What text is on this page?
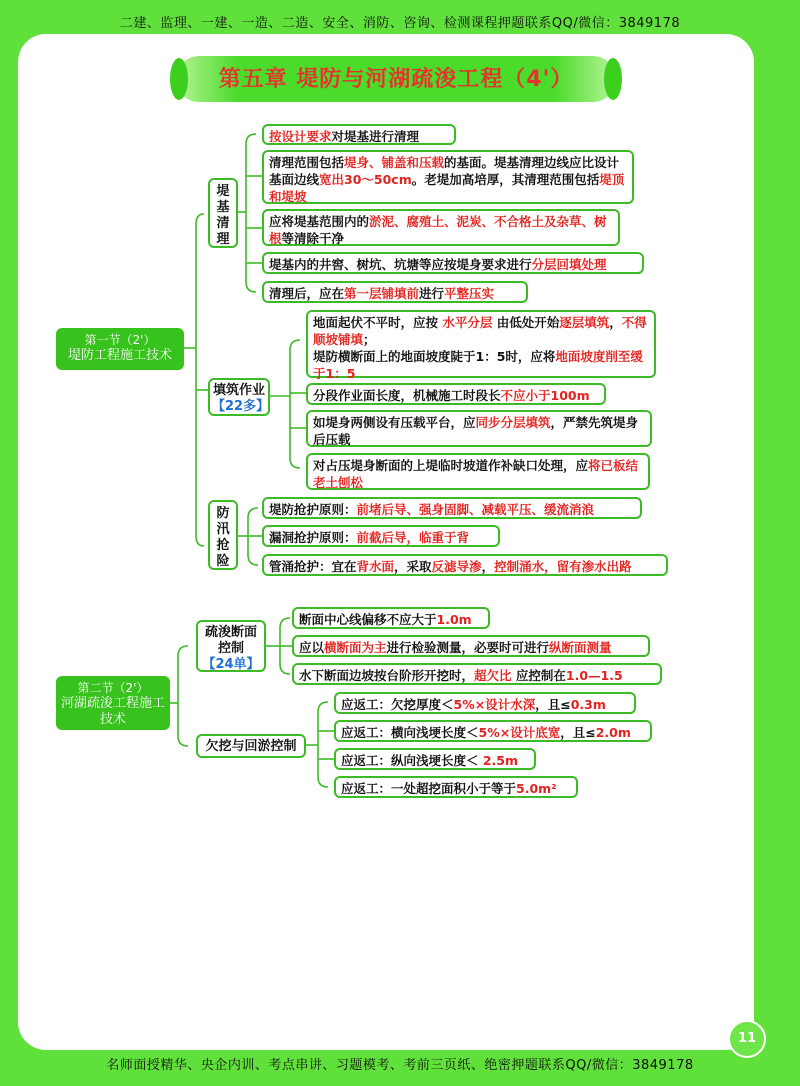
二建、监理、一建、一造、二造、安全、消防、咨询、检测课程押题联系QQ/微信：3849178
第五章 堤防与河湖疏浚工程（4'）
第一节（2'）
堤防工程施工技术
堤
基
清
理
填筑作业
【22多】
防
汛
抢
险
按设计要求对堤基进行清理
清理范围包括堤身、铺盖和压载的基面。堤基清理边线应比设计基面边线宽出30～50cm。老堤加高培厚，其清理范围包括堤顶和堤坡
应将堤基范围内的淤泥、腐殖土、泥炭、不合格土及杂草、树根等清除干净
堤基内的井窖、树坑、坑塘等应按堤身要求进行分层回填处理
清理后，应在第一层铺填前进行平整压实
地面起伏不平时，应按 水平分层 由低处开始逐层填筑，不得顺坡铺填；
堤防横断面上的地面坡度陡于1：5时，应将地面坡度削至缓于1：5
分段作业面长度，机械施工时段长不应小于100m
如堤身两侧设有压载平台，应同步分层填筑，严禁先筑堤身后压载
对占压堤身断面的上堤临时坡道作补缺口处理，应将已板结老土刨松
堤防抢护原则：前堵后导、强身固脚、减载平压、缓流消浪
漏洞抢护原则：前截后导，临重于背
管涌抢护：宜在背水面，采取反滤导渗，控制涌水，留有渗水出路
第二节（2'）
河湖疏浚工程施工技术
疏浚断面控制
【24单】
欠挖与回淤控制
断面中心线偏移不应大于1.0m
应以横断面为主进行检验测量，必要时可进行纵断面测量
水下断面边坡按台阶形开挖时，超欠比 应控制在1.0—1.5
应返工：欠挖厚度＜5%×设计水深，且≤0.3m
应返工：横向浅埂长度＜5%×设计底宽，且≤2.0m
应返工：纵向浅埂长度＜ 2.5m
应返工：一处超挖面积小于等于5.0m²
11
名师面授精华、央企内训、考点串讲、习题模考、考前三页纸、绝密押题联系QQ/微信：3849178
